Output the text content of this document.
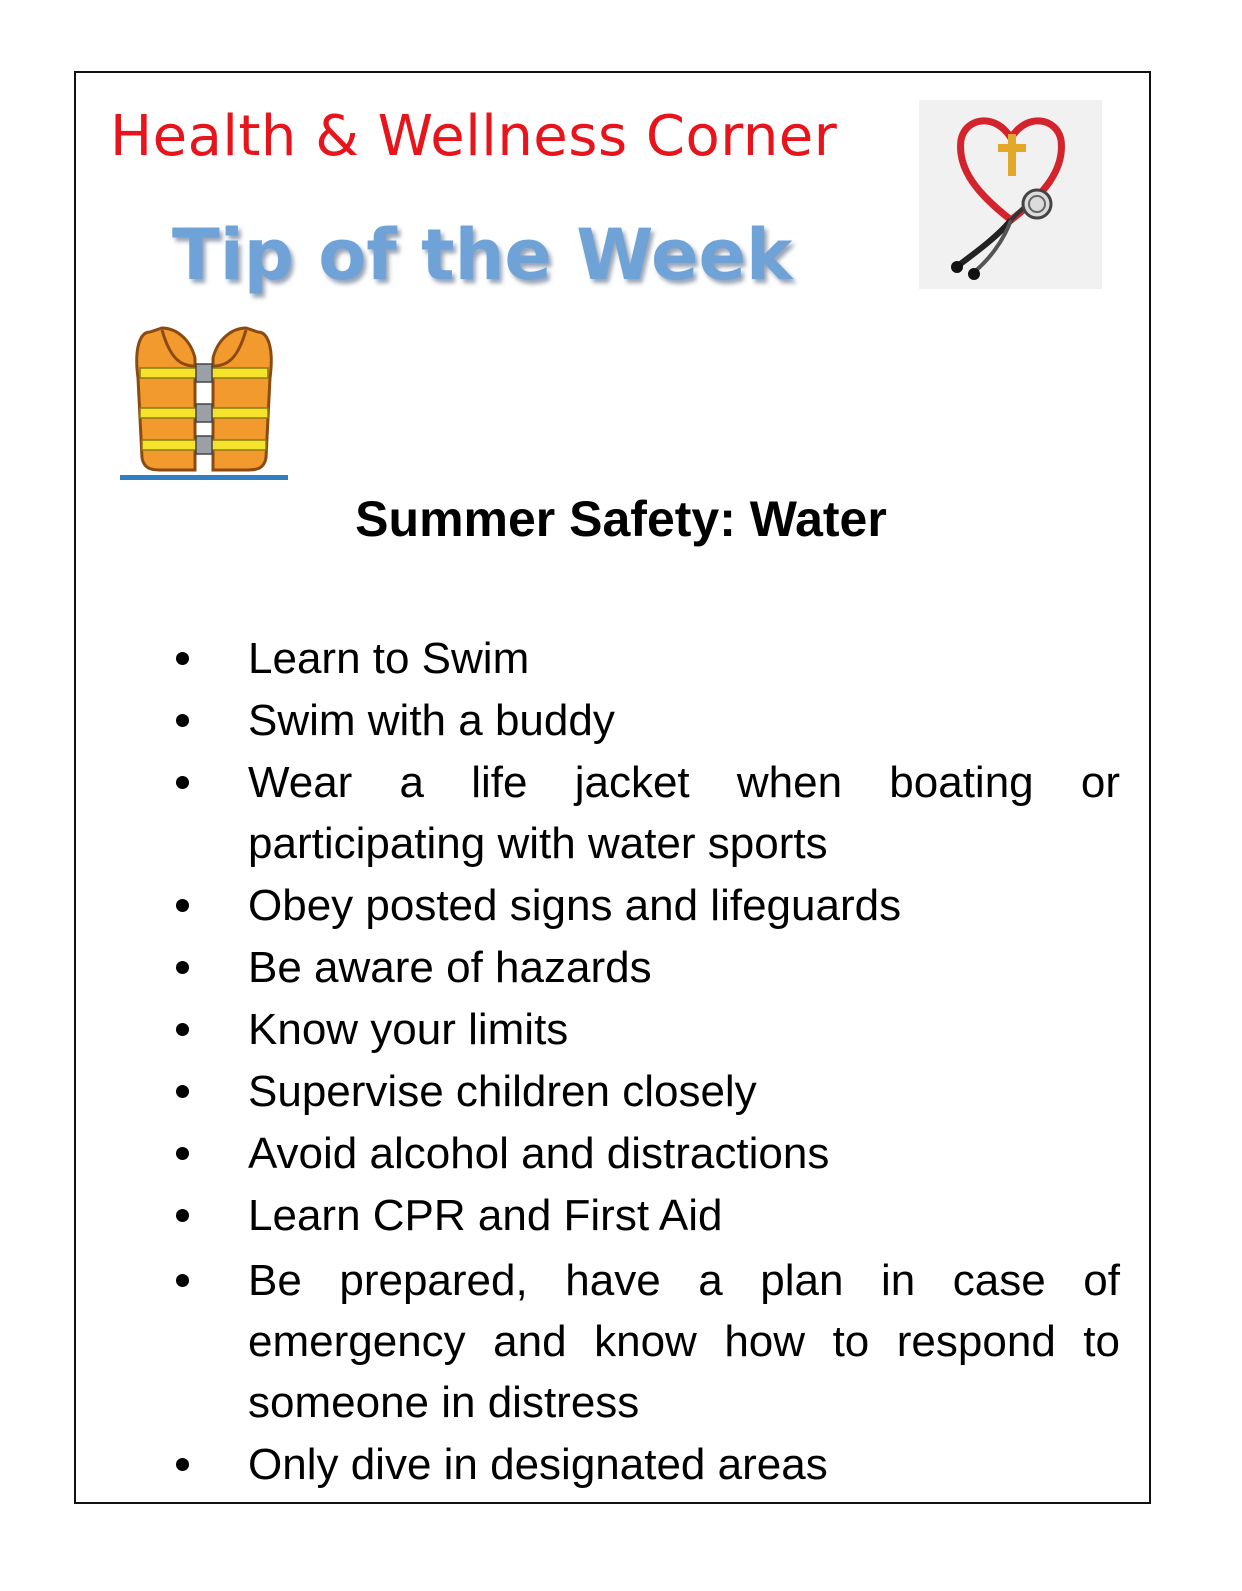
Health & Wellness Corner
Tip of the Week
Summer Safety: Water
Learn to Swim
Swim with a buddy
Wear a life jacket when boating or participating with water sports
Obey posted signs and lifeguards
Be aware of hazards
Know your limits
Supervise children closely
Avoid alcohol and distractions
Learn CPR and First Aid
Be prepared, have a plan in case of emergency and know how to respond to someone in distress
Only dive in designated areas
